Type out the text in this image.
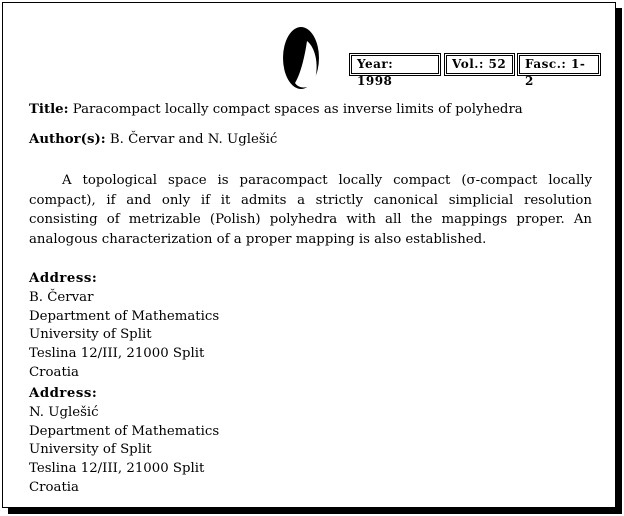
Year: 1998
Vol.: 52	Fasc.: 1-2
Title: Paracompact locally compact spaces as inverse limits of polyhedra
Author(s): B. Červar and N. Uglešić
A topological space is paracompact locally compact (σ-compact locally compact), if and only if it admits a strictly canonical simplicial resolution consisting of metrizable (Polish) polyhedra with all the mappings proper. An analogous characterization of a proper mapping is also established.
Address:
B. Červar
Department of Mathematics
University of Split
Teslina 12/III, 21000 Split
Croatia
Address:
N. Uglešić
Department of Mathematics
University of Split
Teslina 12/III, 21000 Split
Croatia
